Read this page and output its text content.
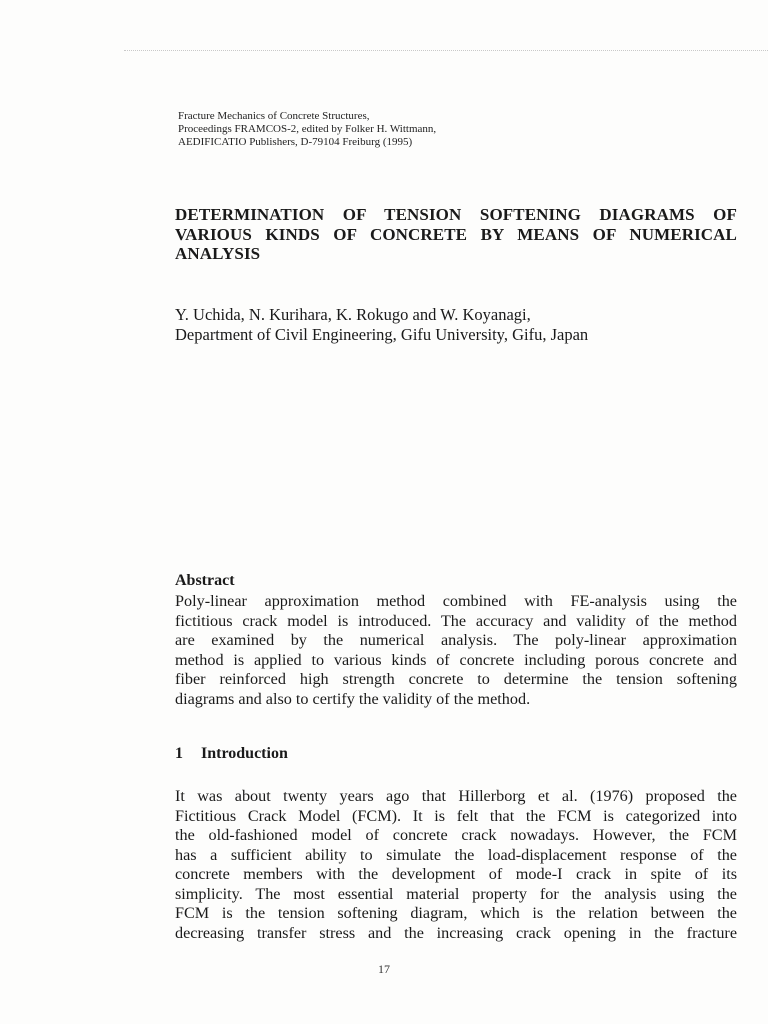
Fracture Mechanics of Concrete Structures,
Proceedings FRAMCOS-2, edited by Folker H. Wittmann,
AEDIFICATIO Publishers, D-79104 Freiburg (1995)
DETERMINATION OF TENSION SOFTENING DIAGRAMS OF
VARIOUS KINDS OF CONCRETE BY MEANS OF NUMERICAL
ANALYSIS
Y. Uchida, N. Kurihara, K. Rokugo and W. Koyanagi,
Department of Civil Engineering, Gifu University, Gifu, Japan
Abstract
Poly-linear approximation method combined with FE-analysis using the
fictitious crack model is introduced. The accuracy and validity of the method
are examined by the numerical analysis. The poly-linear approximation
method is applied to various kinds of concrete including porous concrete and
fiber reinforced high strength concrete to determine the tension softening
diagrams and also to certify the validity of the method.
1 Introduction
It was about twenty years ago that Hillerborg et al. (1976) proposed the
Fictitious Crack Model (FCM). It is felt that the FCM is categorized into
the old-fashioned model of concrete crack nowadays. However, the FCM
has a sufficient ability to simulate the load-displacement response of the
concrete members with the development of mode-I crack in spite of its
simplicity. The most essential material property for the analysis using the
FCM is the tension softening diagram, which is the relation between the
decreasing transfer stress and the increasing crack opening in the fracture
17
